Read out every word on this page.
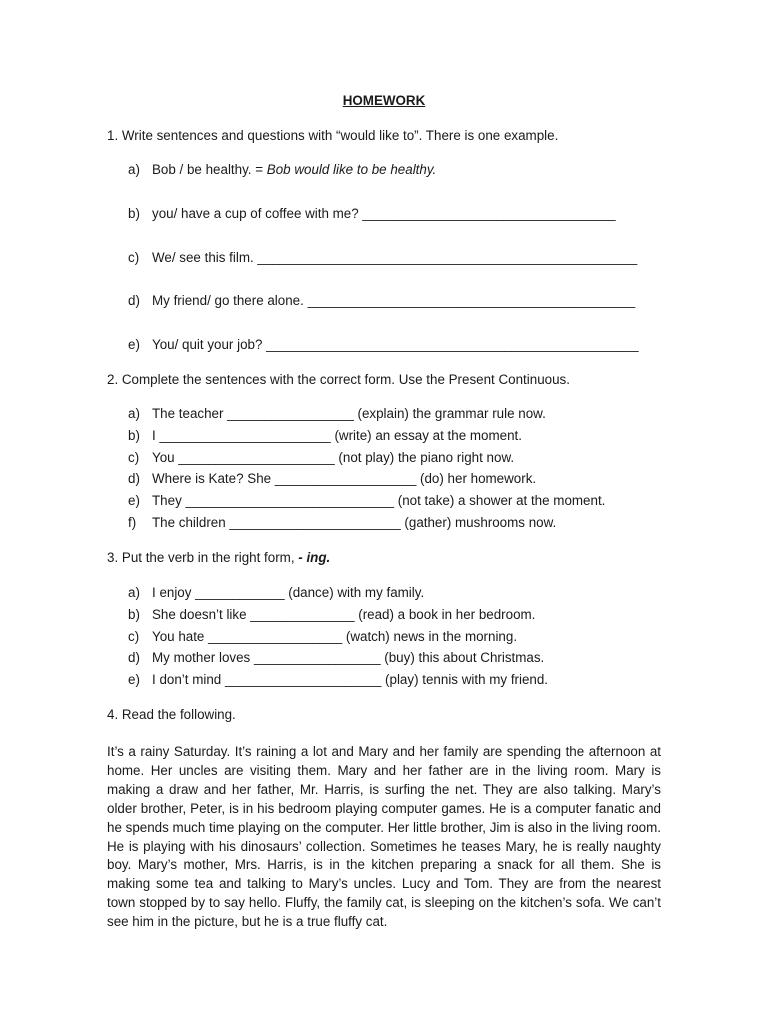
HOMEWORK
1. Write sentences and questions with “would like to”. There is one example.
a) Bob / be healthy. = Bob would like to be healthy.
b) you/ have a cup of coffee with me? __________________________________
c) We/ see this film. ___________________________________________________
d) My friend/ go there alone. ____________________________________________
e) You/ quit your job? __________________________________________________
2. Complete the sentences with the correct form. Use the Present Continuous.
a) The teacher _________________ (explain) the grammar rule now.
b) I _______________________ (write) an essay at the moment.
c) You _____________________ (not play) the piano right now.
d) Where is Kate? She ___________________ (do) her homework.
e) They ____________________________ (not take) a shower at the moment.
f) The children _______________________ (gather) mushrooms now.
3. Put the verb in the right form, - ing.
a) I enjoy ____________ (dance) with my family.
b) She doesn’t like ______________ (read) a book in her bedroom.
c) You hate __________________ (watch) news in the morning.
d) My mother loves _________________ (buy) this about Christmas.
e) I don’t mind _____________________ (play) tennis with my friend.
4. Read the following.

It’s a rainy Saturday. It’s raining a lot and Mary and her family are spending the afternoon at home. Her uncles are visiting them. Mary and her father are in the living room. Mary is making a draw and her father, Mr. Harris, is surfing the net. They are also talking. Mary’s older brother, Peter, is in his bedroom playing computer games. He is a computer fanatic and he spends much time playing on the computer. Her little brother, Jim is also in the living room. He is playing with his dinosaurs’ collection. Sometimes he teases Mary, he is really naughty boy. Mary’s mother, Mrs. Harris, is in the kitchen preparing a snack for all them. She is making some tea and talking to Mary’s uncles. Lucy and Tom. They are from the nearest town stopped by to say hello. Fluffy, the family cat, is sleeping on the kitchen’s sofa. We can’t see him in the picture, but he is a true fluffy cat.
